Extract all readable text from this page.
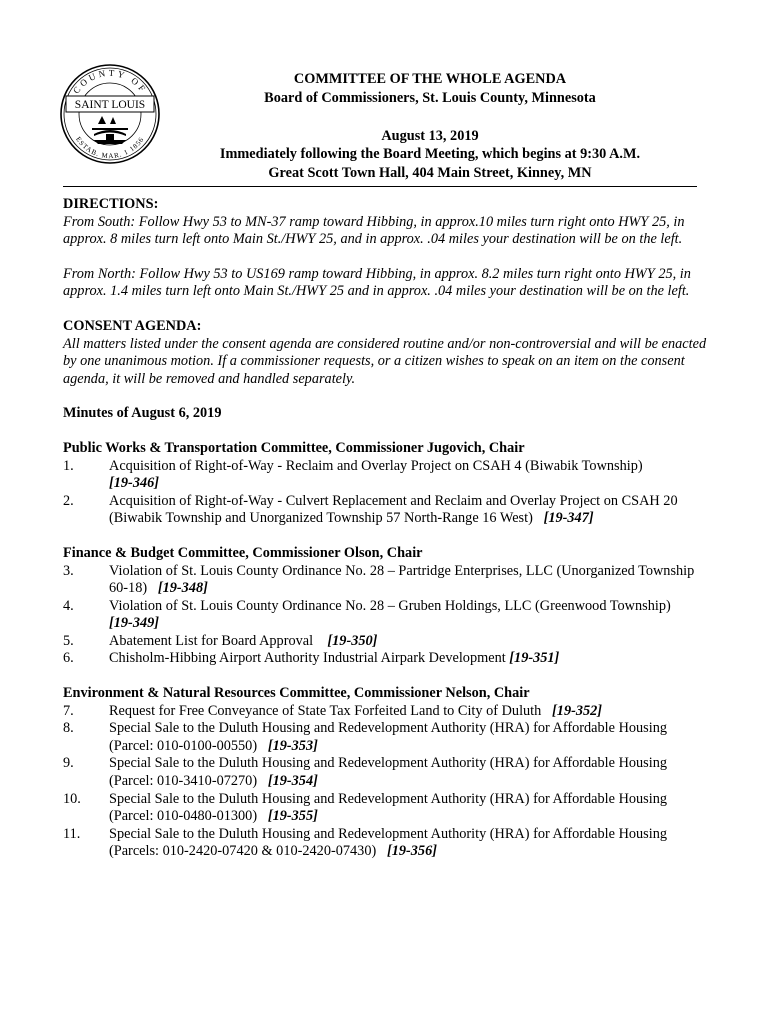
COUNTY OF
ESTAB. MAR. 1 1856
SAINT LOUIS
COMMITTEE OF THE WHOLE AGENDA
Board of Commissioners, St. Louis County, Minnesota
August 13, 2019
Immediately following the Board Meeting, which begins at 9:30 A.M.
Great Scott Town Hall, 404 Main Street, Kinney, MN
DIRECTIONS:

From South: Follow Hwy 53 to MN-37 ramp toward Hibbing, in approx.10 miles turn right onto HWY 25, in approx. 8 miles turn left onto Main St./HWY 25, and in approx. .04 miles your destination will be on the left.

From North: Follow Hwy 53 to US169 ramp toward Hibbing, in approx. 8.2 miles turn right onto HWY 25, in approx. 1.4 miles turn left onto Main St./HWY 25 and in approx. .04 miles your destination will be on the left.

CONSENT AGENDA:

All matters listed under the consent agenda are considered routine and/or non-controversial and will be enacted by one unanimous motion. If a commissioner requests, or a citizen wishes to speak on an item on the consent agenda, it will be removed and handled separately.

Minutes of August 6, 2019
Public Works & Transportation Committee, Commissioner Jugovich, Chair
1.	Acquisition of Right-of-Way - Reclaim and Overlay Project on CSAH 4 (Biwabik Township)
[19-346]
2.	Acquisition of Right-of-Way - Culvert Replacement and Reclaim and Overlay Project on CSAH 20 (Biwabik Township and Unorganized Township 57 North-Range 16 West) [19-347]
Finance & Budget Committee, Commissioner Olson, Chair
3.	Violation of St. Louis County Ordinance No. 28 – Partridge Enterprises, LLC (Unorganized Township 60-18) [19-348]
4.	Violation of St. Louis County Ordinance No. 28 – Gruben Holdings, LLC (Greenwood Township)
[19-349]
5.	Abatement List for Board Approval [19-350]
6.	Chisholm-Hibbing Airport Authority Industrial Airpark Development [19-351]
Environment & Natural Resources Committee, Commissioner Nelson, Chair
7.	Request for Free Conveyance of State Tax Forfeited Land to City of Duluth [19-352]
8.	Special Sale to the Duluth Housing and Redevelopment Authority (HRA) for Affordable Housing (Parcel: 010-0100-00550) [19-353]
9.	Special Sale to the Duluth Housing and Redevelopment Authority (HRA) for Affordable Housing (Parcel: 010-3410-07270) [19-354]
10.	Special Sale to the Duluth Housing and Redevelopment Authority (HRA) for Affordable Housing (Parcel: 010-0480-01300) [19-355]
11.	Special Sale to the Duluth Housing and Redevelopment Authority (HRA) for Affordable Housing (Parcels: 010-2420-07420 & 010-2420-07430) [19-356]
